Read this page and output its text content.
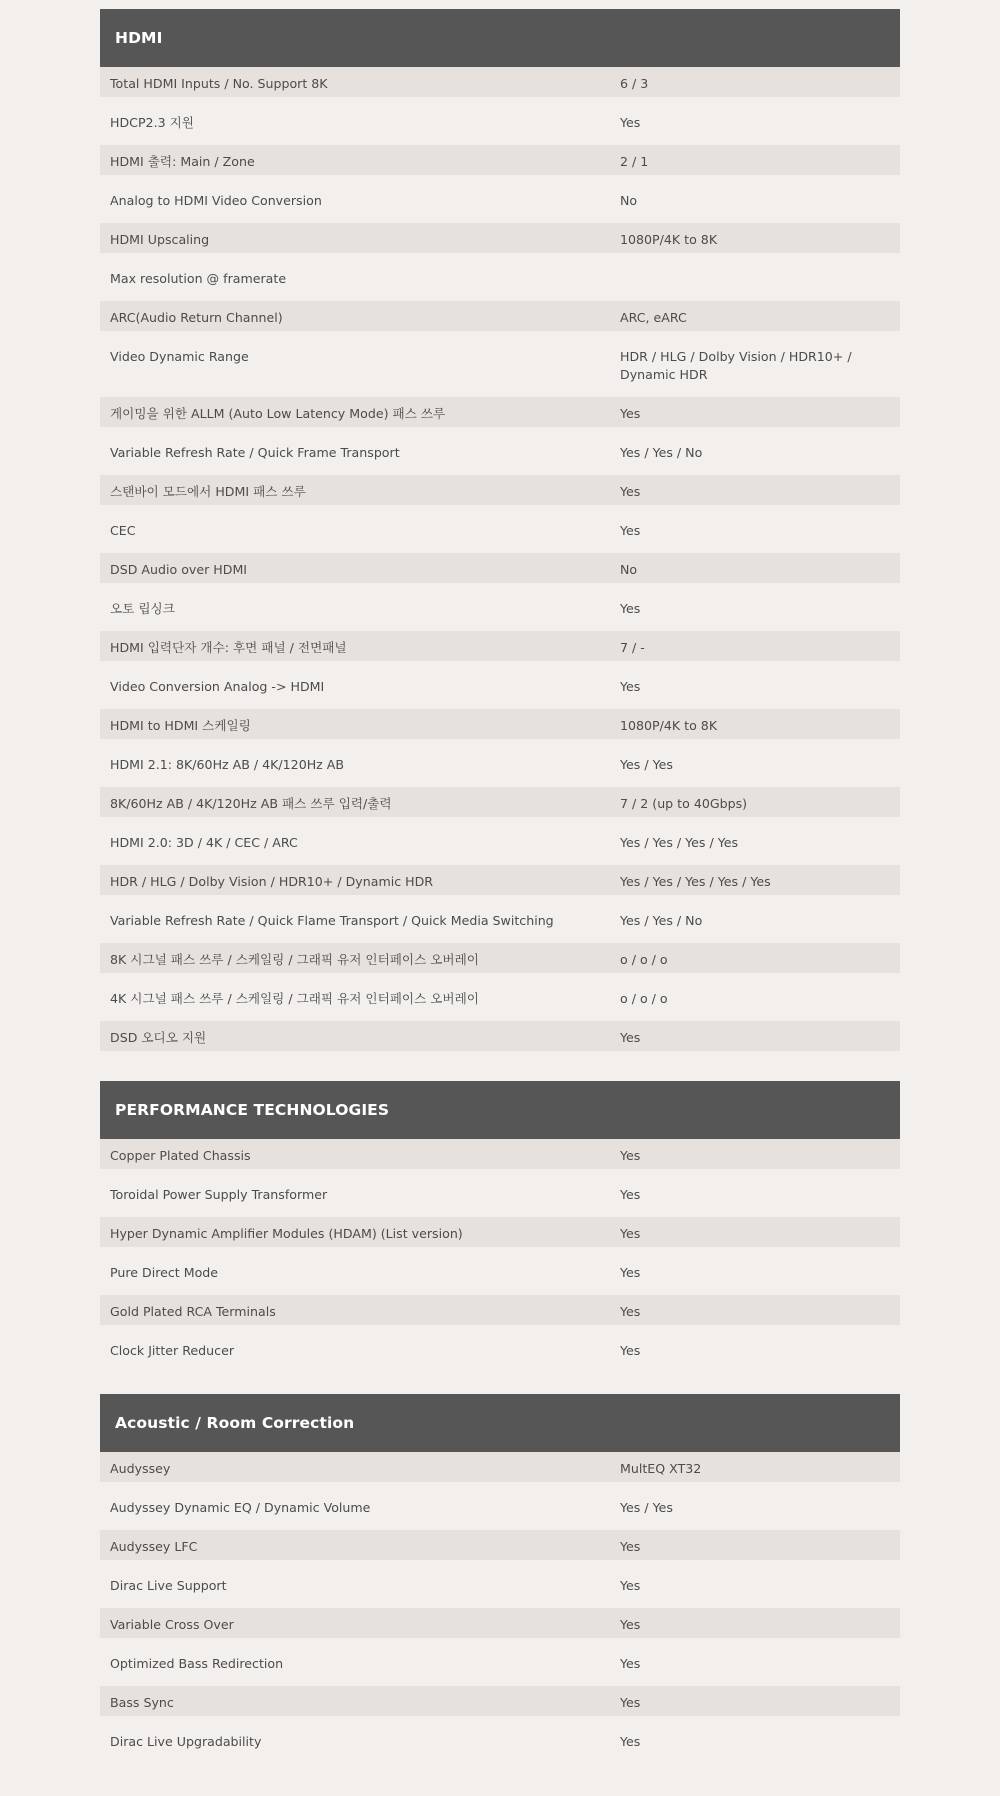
HDMI
Total HDMI Inputs / No. Support 8K	6 / 3
HDCP2.3 지원	Yes
HDMI 출력: Main / Zone	2 / 1
Analog to HDMI Video Conversion	No
HDMI Upscaling	1080P/4K to 8K
Max resolution @ framerate
ARC(Audio Return Channel)	ARC, eARC
Video Dynamic Range	HDR / HLG / Dolby Vision / HDR10+ / Dynamic HDR
게이밍을 위한 ALLM (Auto Low Latency Mode) 패스 쓰루	Yes
Variable Refresh Rate / Quick Frame Transport	Yes / Yes / No
스탠바이 모드에서 HDMI 패스 쓰루	Yes
CEC	Yes
DSD Audio over HDMI	No
오토 립싱크	Yes
HDMI 입력단자 개수: 후면 패널 / 전면패널	7 / -
Video Conversion Analog -> HDMI	Yes
HDMI to HDMI 스케일링	1080P/4K to 8K
HDMI 2.1: 8K/60Hz AB / 4K/120Hz AB	Yes / Yes
8K/60Hz AB / 4K/120Hz AB 패스 쓰루 입력/출력	7 / 2 (up to 40Gbps)
HDMI 2.0: 3D / 4K / CEC / ARC	Yes / Yes / Yes / Yes
HDR / HLG / Dolby Vision / HDR10+ / Dynamic HDR	Yes / Yes / Yes / Yes / Yes
Variable Refresh Rate / Quick Flame Transport / Quick Media Switching	Yes / Yes / No
8K 시그널 패스 쓰루 / 스케일링 / 그래픽 유저 인터페이스 오버레이	o / o / o
4K 시그널 패스 쓰루 / 스케일링 / 그래픽 유저 인터페이스 오버레이	o / o / o
DSD 오디오 지원	Yes
PERFORMANCE TECHNOLOGIES
Copper Plated Chassis	Yes
Toroidal Power Supply Transformer	Yes
Hyper Dynamic Amplifier Modules (HDAM) (List version)	Yes
Pure Direct Mode	Yes
Gold Plated RCA Terminals	Yes
Clock Jitter Reducer	Yes
Acoustic / Room Correction
Audyssey	MultEQ XT32
Audyssey Dynamic EQ / Dynamic Volume	Yes / Yes
Audyssey LFC	Yes
Dirac Live Support	Yes
Variable Cross Over	Yes
Optimized Bass Redirection	Yes
Bass Sync	Yes
Dirac Live Upgradability	Yes
